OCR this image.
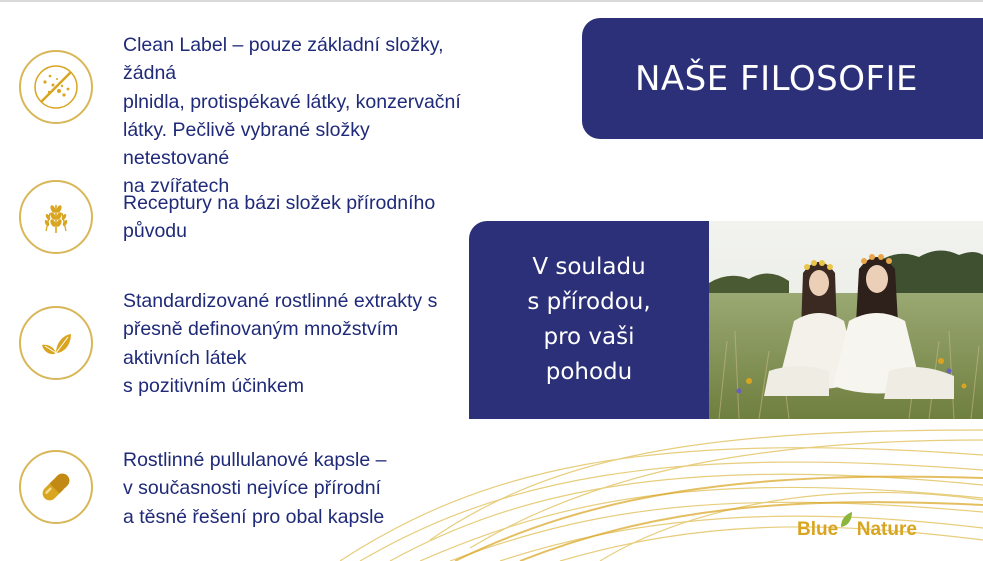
Clean Label – pouze základní složky, žádná
plnidla, protispékavé látky, konzervační
látky. Pečlivě vybrané složky netestované
na zvířatech
Receptury na bázi složek přírodního
původu
Standardizované rostlinné extrakty s
přesně definovaným množstvím
aktivních látek
s pozitivním účinkem
Rostlinné pullulanové kapsle –
v současnosti nejvíce přírodní
a těsné řešení pro obal kapsle
NAŠE FILOSOFIE
V souladu
s přírodou,
pro vaši
pohodu
Blue Nature
